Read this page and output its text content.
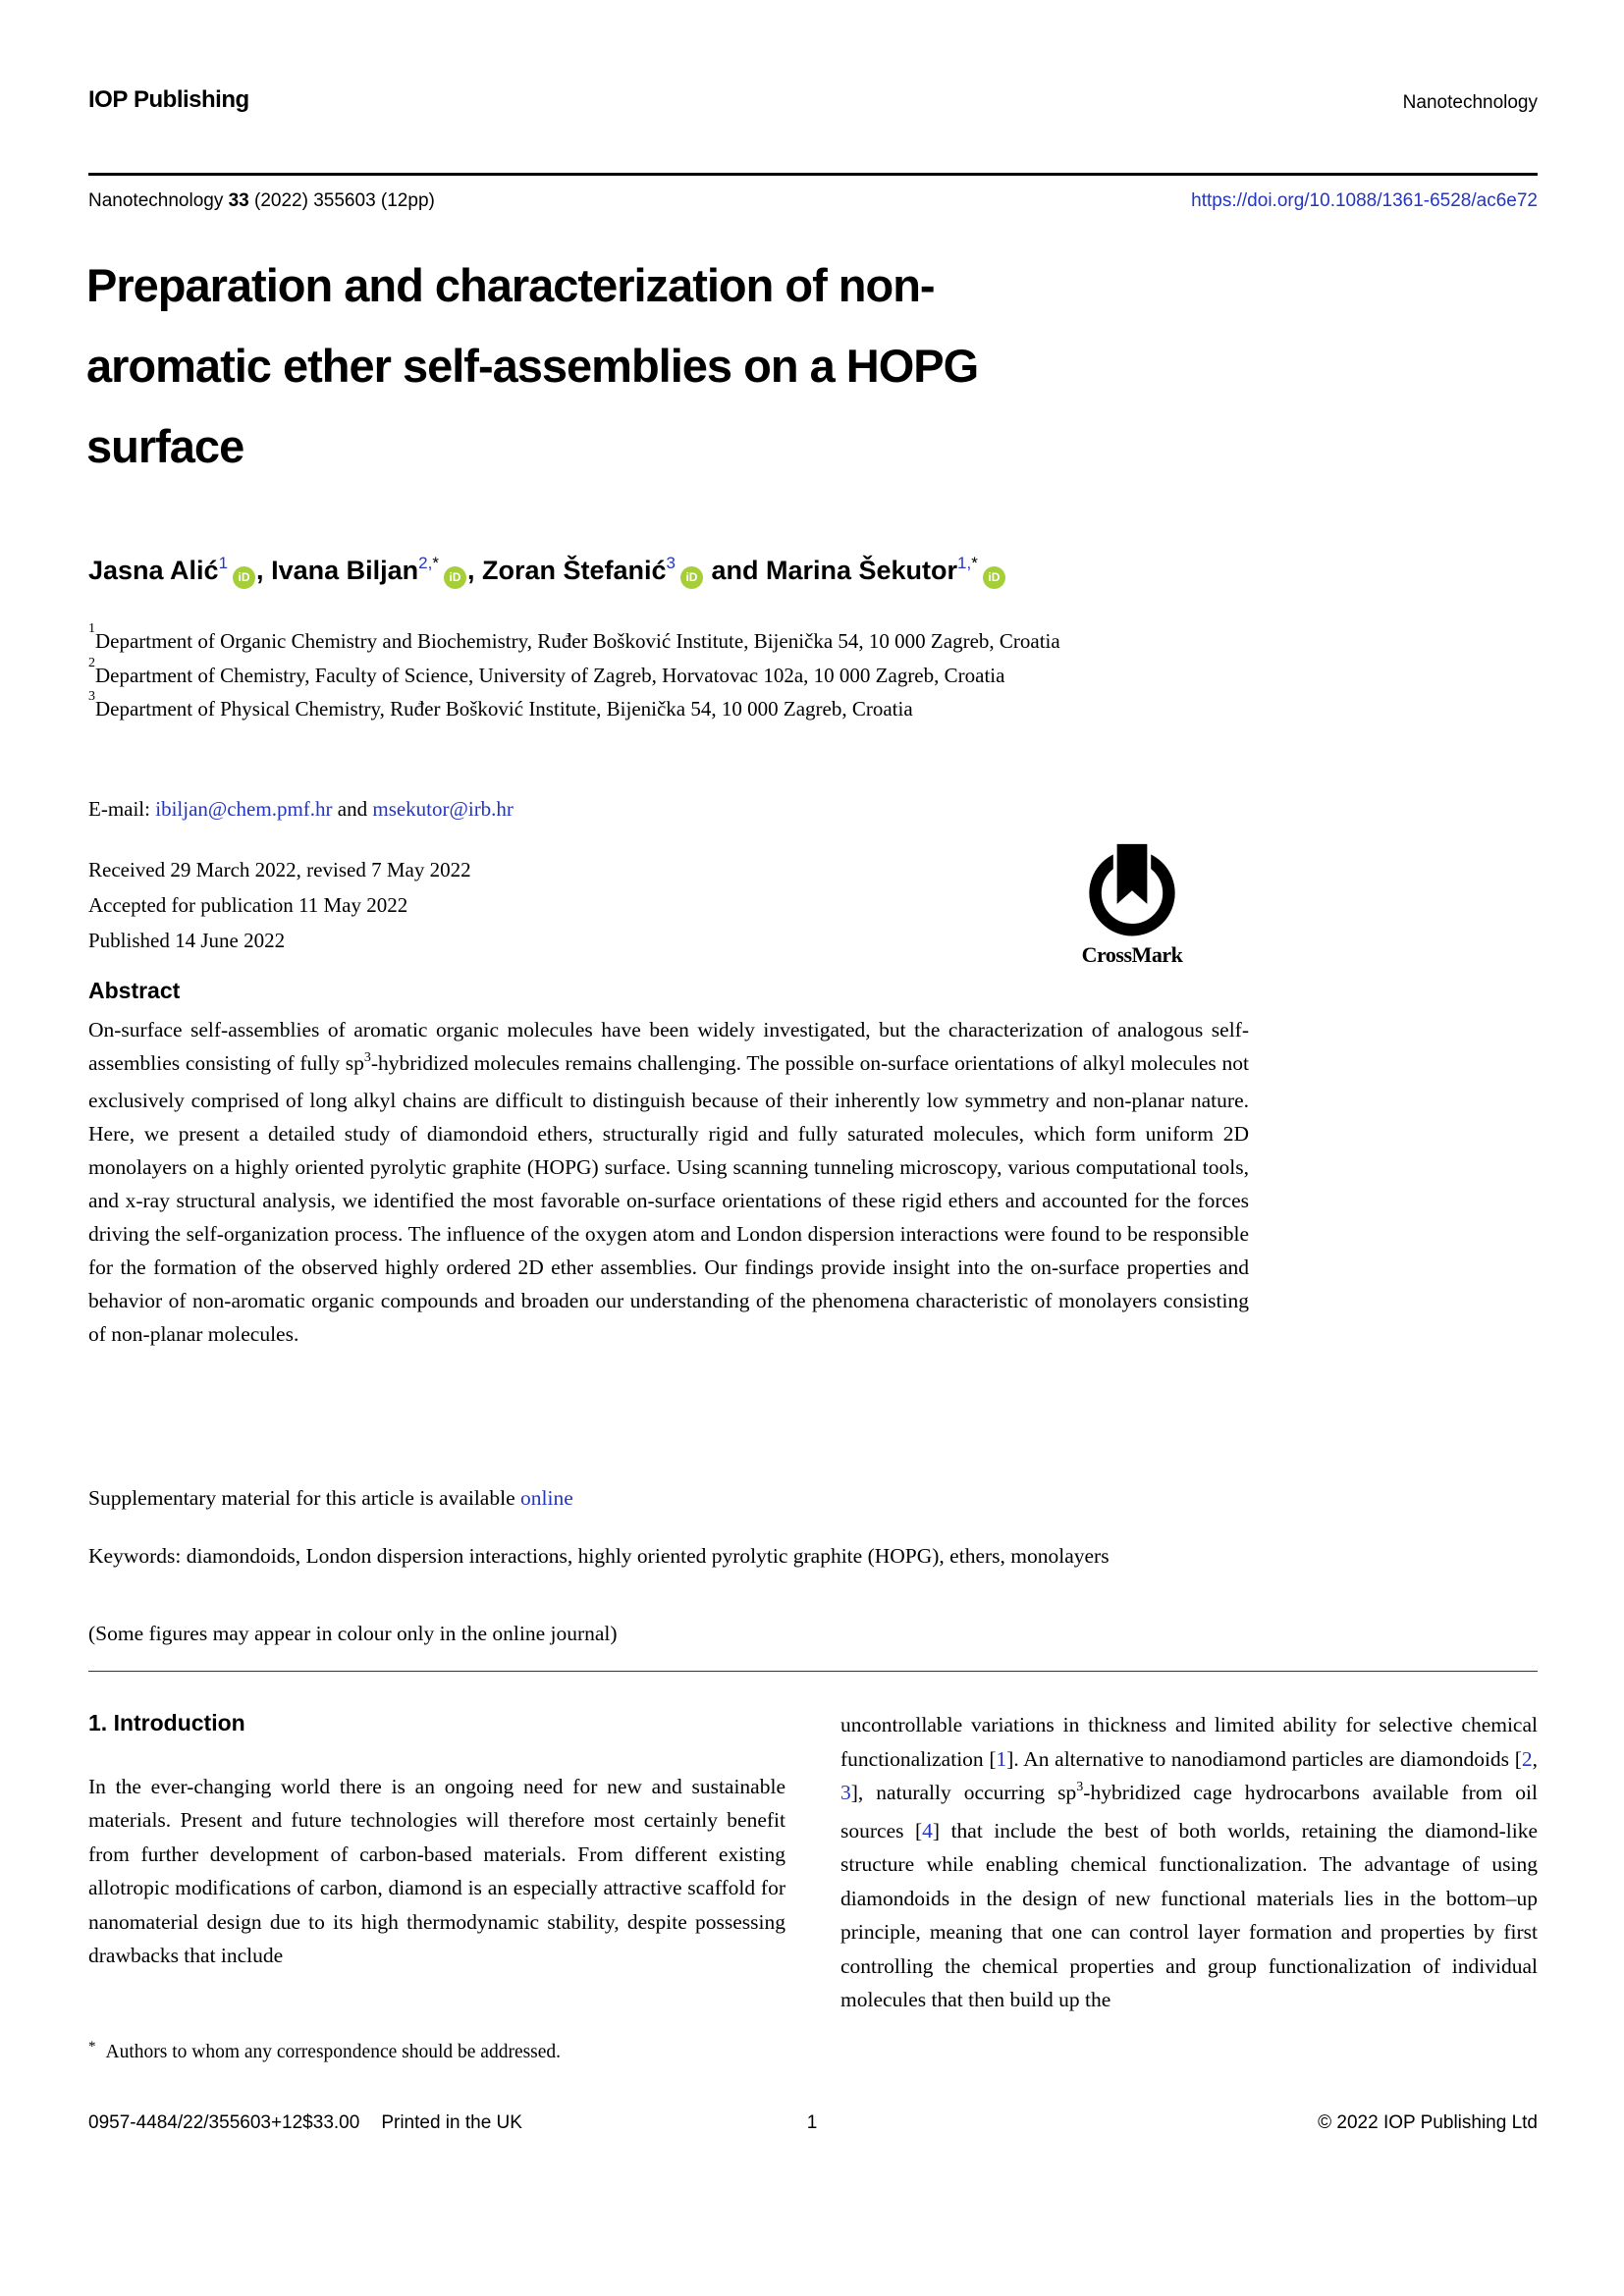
IOP Publishing	Nanotechnology
Nanotechnology 33 (2022) 355603 (12pp)	https://doi.org/10.1088/1361-6528/ac6e72
Preparation and characterization of non-
aromatic ether self-assemblies on a HOPG
surface
Jasna Alić$^1$iD , Ivana Biljan$^{2,*}$iD , Zoran Štefanić$^3$iD and Marina Šekutor$^{1,*}$iD
$^1$Department of Organic Chemistry and Biochemistry, Ruđer Bošković Institute, Bijenička 54, 10 000 Zagreb, Croatia
$^2$Department of Chemistry, Faculty of Science, University of Zagreb, Horvatovac 102a, 10 000 Zagreb, Croatia
$^3$Department of Physical Chemistry, Ruđer Bošković Institute, Bijenička 54, 10 000 Zagreb, Croatia
E-mail: ibiljan@chem.pmf.hr and msekutor@irb.hr
Received 29 March 2022, revised 7 May 2022
Accepted for publication 11 May 2022
Published 14 June 2022
CrossMark
Abstract
On-surface self-assemblies of aromatic organic molecules have been widely investigated, but the characterization of analogous self-assemblies consisting of fully $sp^3$-hybridized molecules remains challenging. The possible on-surface orientations of alkyl molecules not exclusively comprised of long alkyl chains are difficult to distinguish because of their inherently low symmetry and non-planar nature. Here, we present a detailed study of diamondoid ethers, structurally rigid and fully saturated molecules, which form uniform 2D monolayers on a highly oriented pyrolytic graphite (HOPG) surface. Using scanning tunneling microscopy, various computational tools, and x-ray structural analysis, we identified the most favorable on-surface orientations of these rigid ethers and accounted for the forces driving the self-organization process. The influence of the oxygen atom and London dispersion interactions were found to be responsible for the formation of the observed highly ordered 2D ether assemblies. Our findings provide insight into the on-surface properties and behavior of non-aromatic organic compounds and broaden our understanding of the phenomena characteristic of monolayers consisting of non-planar molecules.
Supplementary material for this article is available online
Keywords: diamondoids, London dispersion interactions, highly oriented pyrolytic graphite (HOPG), ethers, monolayers
(Some figures may appear in colour only in the online journal)
1. Introduction

In the ever-changing world there is an ongoing need for new and sustainable materials. Present and future technologies will therefore most certainly benefit from further development of carbon-based materials. From different existing allotropic modifications of carbon, diamond is an especially attractive scaffold for nanomaterial design due to its high thermodynamic stability, despite possessing drawbacks that include

uncontrollable variations in thickness and limited ability for selective chemical functionalization [1]. An alternative to nanodiamond particles are diamondoids [2, 3], naturally occurring $sp^3$-hybridized cage hydrocarbons available from oil sources [4] that include the best of both worlds, retaining the diamond-like structure while enabling chemical functionalization. The advantage of using diamondoids in the design of new functional materials lies in the bottom–up principle, meaning that one can control layer formation and properties by first controlling the chemical properties and group functionalization of individual molecules that then build up the

* Authors to whom any correspondence should be addressed.
1
0957-4484/22/355603+12$33.00 Printed in the UK	© 2022 IOP Publishing Ltd
